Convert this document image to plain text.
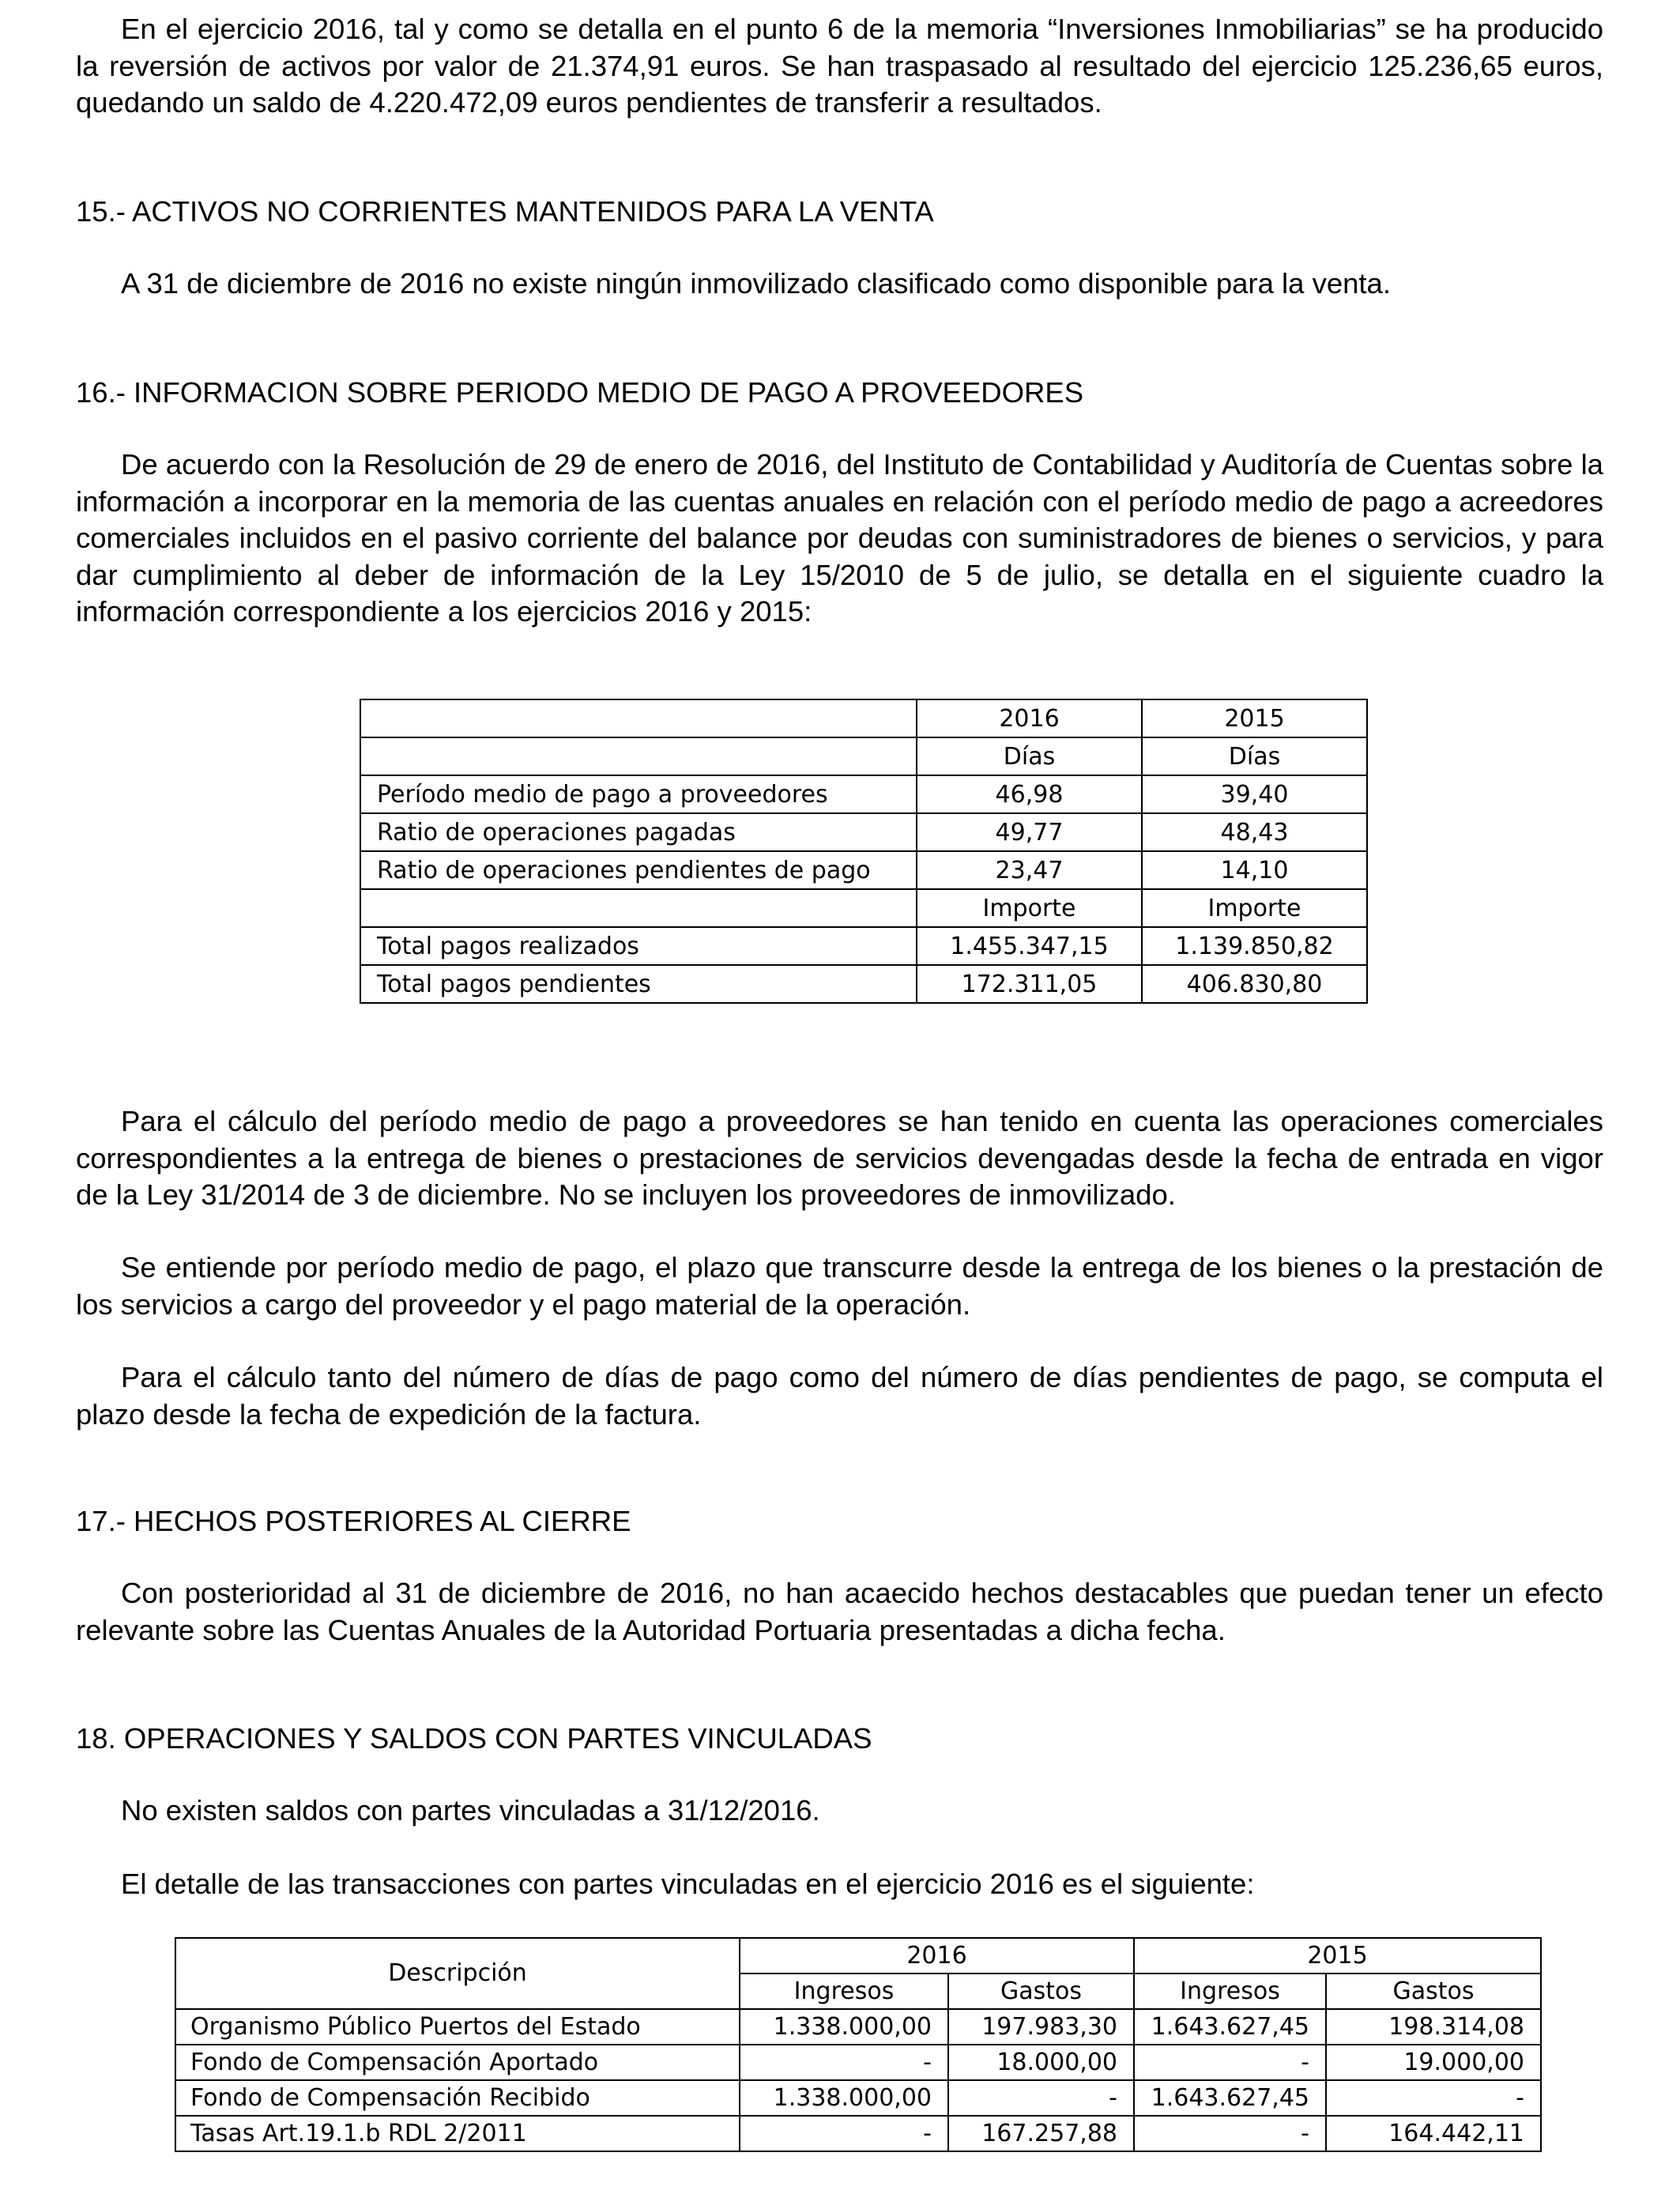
En el ejercicio 2016, tal y como se detalla en el punto 6 de la memoria “Inversiones Inmobiliarias” se ha producido la reversión de activos por valor de 21.374,91 euros. Se han traspasado al resultado del ejercicio 125.236,65 euros, quedando un saldo de 4.220.472,09 euros pendientes de transferir a resultados.

15.- ACTIVOS NO CORRIENTES MANTENIDOS PARA LA VENTA

A 31 de diciembre de 2016 no existe ningún inmovilizado clasificado como disponible para la venta.

16.- INFORMACION SOBRE PERIODO MEDIO DE PAGO A PROVEEDORES

De acuerdo con la Resolución de 29 de enero de 2016, del Instituto de Contabilidad y Auditoría de Cuentas sobre la información a incorporar en la memoria de las cuentas anuales en relación con el período medio de pago a acreedores comerciales incluidos en el pasivo corriente del balance por deudas con suministradores de bienes o servicios, y para dar cumplimiento al deber de información de la Ley 15/2010 de 5 de julio, se detalla en el siguiente cuadro la información correspondiente a los ejercicios 2016 y 2015:

	2016	2015
	Días	Días
Período medio de pago a proveedores	46,98	39,40
Ratio de operaciones pagadas	49,77	48,43
Ratio de operaciones pendientes de pago	23,47	14,10
	Importe	Importe
Total pagos realizados	1.455.347,15	1.139.850,82
Total pagos pendientes	172.311,05	406.830,80

Para el cálculo del período medio de pago a proveedores se han tenido en cuenta las operaciones comerciales correspondientes a la entrega de bienes o prestaciones de servicios devengadas desde la fecha de entrada en vigor de la Ley 31/2014 de 3 de diciembre. No se incluyen los proveedores de inmovilizado.

Se entiende por período medio de pago, el plazo que transcurre desde la entrega de los bienes o la prestación de los servicios a cargo del proveedor y el pago material de la operación.

Para el cálculo tanto del número de días de pago como del número de días pendientes de pago, se computa el plazo desde la fecha de expedición de la factura.

17.- HECHOS POSTERIORES AL CIERRE

Con posterioridad al 31 de diciembre de 2016, no han acaecido hechos destacables que puedan tener un efecto relevante sobre las Cuentas Anuales de la Autoridad Portuaria presentadas a dicha fecha.

18. OPERACIONES Y SALDOS CON PARTES VINCULADAS

No existen saldos con partes vinculadas a 31/12/2016.

El detalle de las transacciones con partes vinculadas en el ejercicio 2016 es el siguiente:

Descripción	2016		2015	
	Ingresos	Gastos	Ingresos	Gastos
Organismo Público Puertos del Estado	1.338.000,00	197.983,30	1.643.627,45	198.314,08
Fondo de Compensación Aportado	-	18.000,00	-	19.000,00
Fondo de Compensación Recibido	1.338.000,00	-	1.643.627,45	-
Tasas Art.19.1.b RDL 2/2011	-	167.257,88	-	164.442,11
